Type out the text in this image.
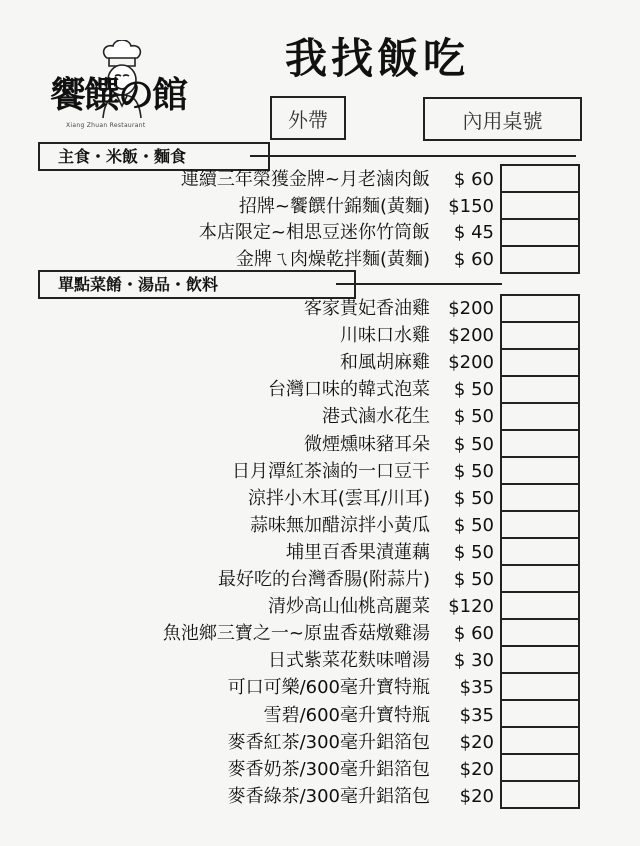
饗饌の館
Xiang Zhuan Restaurant
我找飯吃
外帶	內用桌號
主食・米飯・麵食
單點菜餚・湯品・飲料
連續三年榮獲金牌~月老滷肉飯	$ 60
招牌~饗饌什錦麵(黃麵)	$150
本店限定~相思豆迷你竹筒飯	$ 45
金牌ㄟ肉燥乾拌麵(黃麵)	$ 60
客家貴妃香油雞	$200
川味口水雞	$200
和風胡麻雞	$200
台灣口味的韓式泡菜	$ 50
港式滷水花生	$ 50
微煙燻味豬耳朵	$ 50
日月潭紅茶滷的一口豆干	$ 50
涼拌小木耳(雲耳/川耳)	$ 50
蒜味無加醋涼拌小黃瓜	$ 50
埔里百香果漬蓮藕	$ 50
最好吃的台灣香腸(附蒜片)	$ 50
清炒高山仙桃高麗菜	$120
魚池鄉三寶之一~原盅香菇燉雞湯	$ 60
日式紫菜花麩味噌湯	$ 30
可口可樂/600毫升寶特瓶	$35
雪碧/600毫升寶特瓶	$35
麥香紅茶/300毫升鋁箔包	$20
麥香奶茶/300毫升鋁箔包	$20
麥香綠茶/300毫升鋁箔包	$20
